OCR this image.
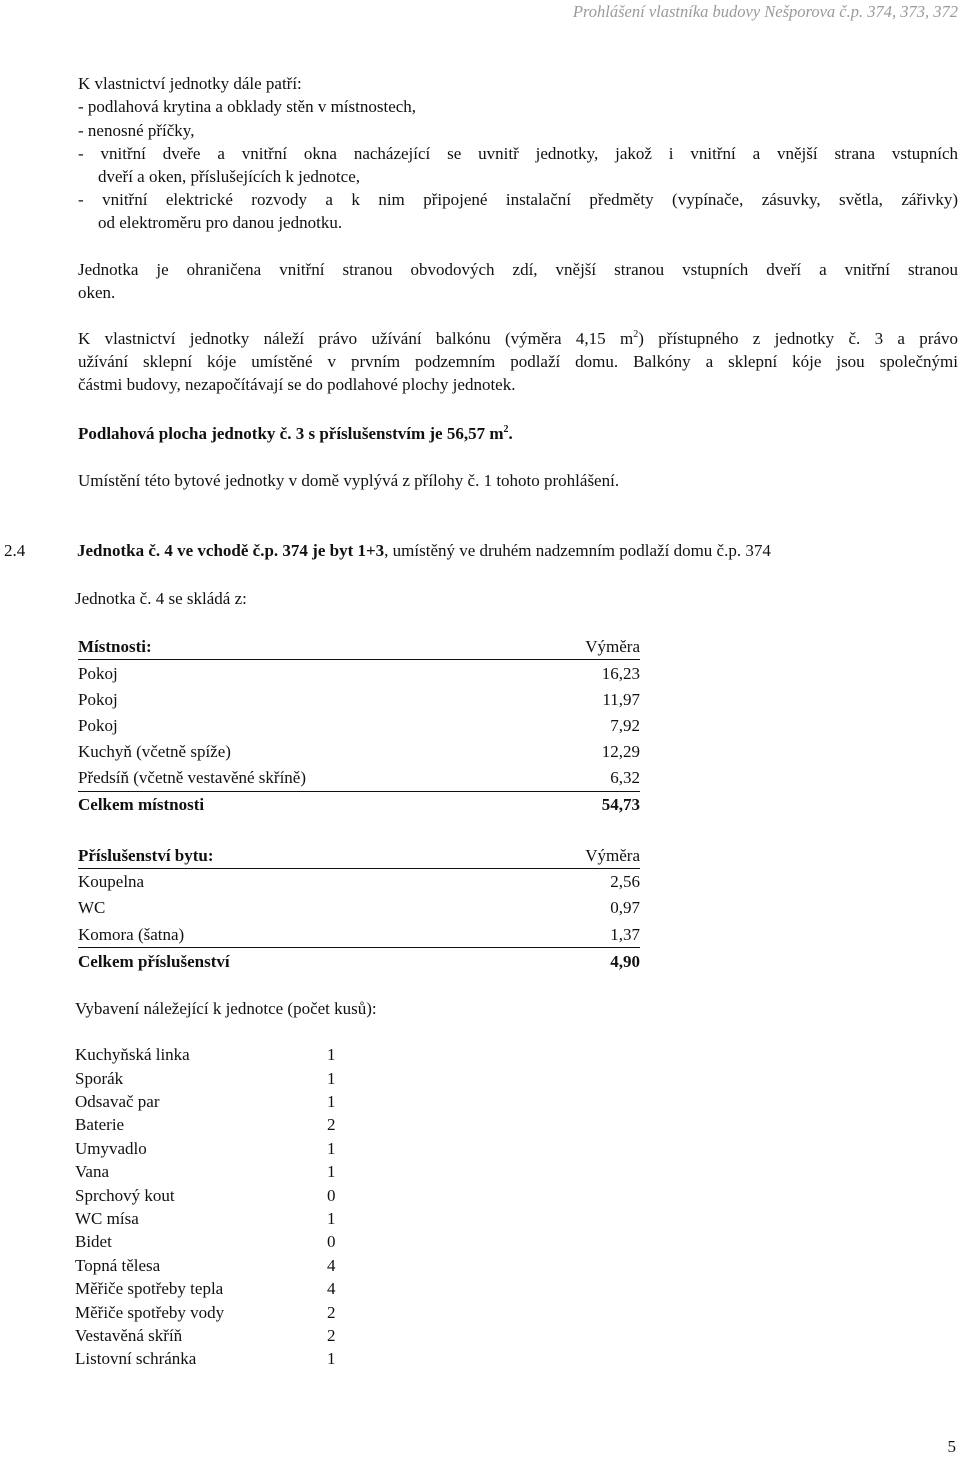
Prohlášení vlastníka budovy Nešporova č.p. 374, 373, 372
K vlastnictví jednotky dále patří:
- podlahová krytina a obklady stěn v místnostech,
- nenosné příčky,
- vnitřní dveře a vnitřní okna nacházející se uvnitř jednotky, jakož i vnitřní a vnější strana vstupních
dveří a oken, příslušejících k jednotce,
- vnitřní elektrické rozvody a k nim připojené instalační předměty (vypínače, zásuvky, světla, zářivky)
od elektroměru pro danou jednotku.
Jednotka je ohraničena vnitřní stranou obvodových zdí, vnější stranou vstupních dveří a vnitřní stranou
oken.
K vlastnictví jednotky náleží právo užívání balkónu (výměra 4,15 $m^2$) přístupného z jednotky č. 3 a právo
užívání sklepní kóje umístěné v prvním podzemním podlaží domu. Balkóny a sklepní kóje jsou společnými
částmi budovy, nezapočítávají se do podlahové plochy jednotek.
Podlahová plocha jednotky č. 3 s příslušenstvím je 56,57 $m^2$.
Umístění této bytové jednotky v domě vyplývá z přílohy č. 1 tohoto prohlášení.
2.4	Jednotka č. 4 ve vchodě č.p. 374 je byt 1+3, umístěný ve druhém nadzemním podlaží domu č.p. 374
Jednotka č. 4 se skládá z:
Místnosti:	Výměra
Pokoj	16,23
Pokoj	11,97
Pokoj	7,92
Kuchyň (včetně spíže)	12,29
Předsíň (včetně vestavěné skříně)	6,32
Celkem místnosti	54,73
Příslušenství bytu:	Výměra
Koupelna	2,56
WC	0,97
Komora (šatna)	1,37
Celkem příslušenství	4,90
Vybavení náležející k jednotce (počet kusů):
Kuchyňská linka	1
Sporák	1
Odsavač par	1
Baterie	2
Umyvadlo	1
Vana	1
Sprchový kout	0
WC mísa	1
Bidet	0
Topná tělesa	4
Měřiče spotřeby tepla	4
Měřiče spotřeby vody	2
Vestavěná skříň	2
Listovní schránka	1
5
